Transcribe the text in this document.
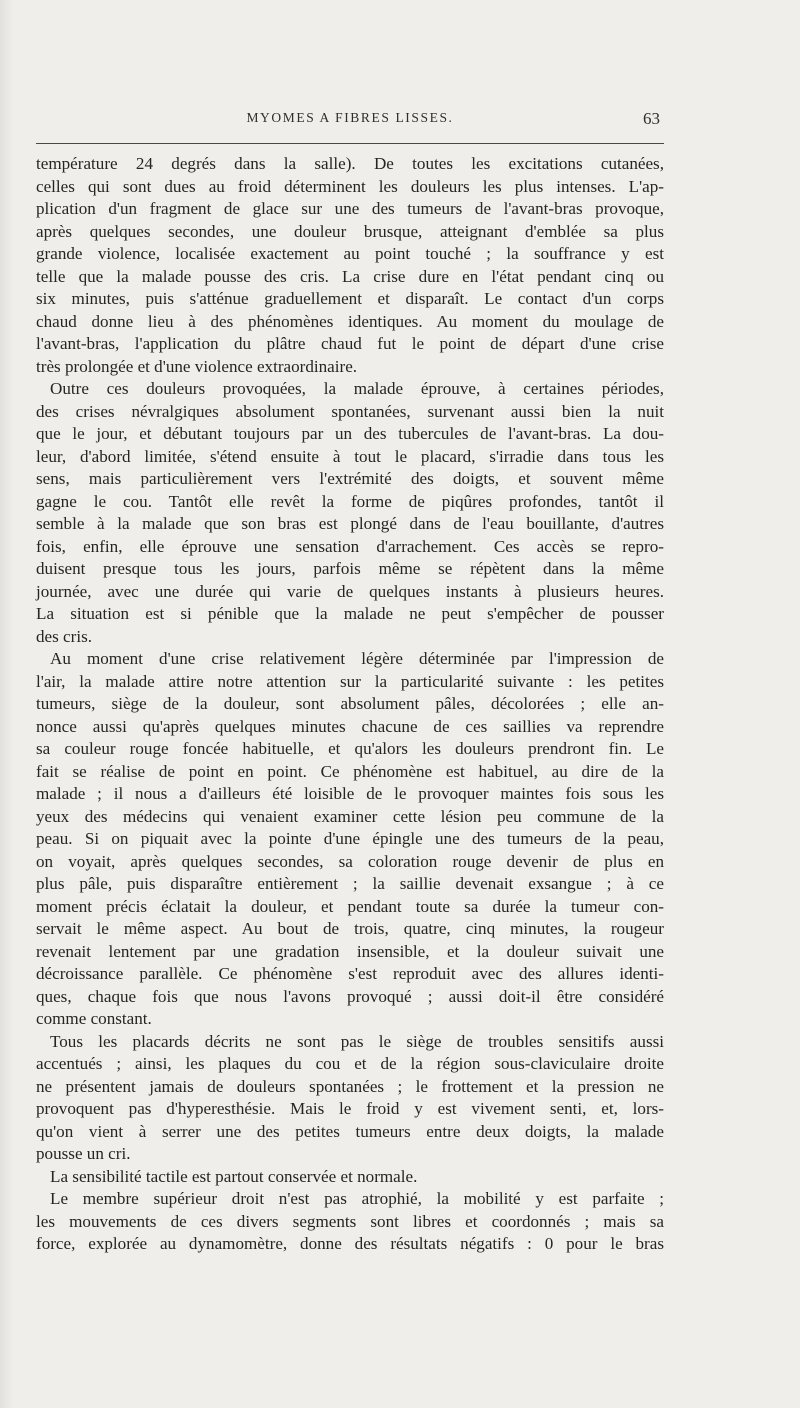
MYOMES A FIBRES LISSES.	63
température 24 degrés dans la salle). De toutes les excitations cutanées,
celles qui sont dues au froid déterminent les douleurs les plus intenses. L'ap-
plication d'un fragment de glace sur une des tumeurs de l'avant-bras provoque,
après quelques secondes, une douleur brusque, atteignant d'emblée sa plus
grande violence, localisée exactement au point touché ; la souffrance y est
telle que la malade pousse des cris. La crise dure en l'état pendant cinq ou
six minutes, puis s'atténue graduellement et disparaît. Le contact d'un corps
chaud donne lieu à des phénomènes identiques. Au moment du moulage de
l'avant-bras, l'application du plâtre chaud fut le point de départ d'une crise
très prolongée et d'une violence extraordinaire.
Outre ces douleurs provoquées, la malade éprouve, à certaines périodes,
des crises névralgiques absolument spontanées, survenant aussi bien la nuit
que le jour, et débutant toujours par un des tubercules de l'avant-bras. La dou-
leur, d'abord limitée, s'étend ensuite à tout le placard, s'irradie dans tous les
sens, mais particulièrement vers l'extrémité des doigts, et souvent même
gagne le cou. Tantôt elle revêt la forme de piqûres profondes, tantôt il
semble à la malade que son bras est plongé dans de l'eau bouillante, d'autres
fois, enfin, elle éprouve une sensation d'arrachement. Ces accès se repro-
duisent presque tous les jours, parfois même se répètent dans la même
journée, avec une durée qui varie de quelques instants à plusieurs heures.
La situation est si pénible que la malade ne peut s'empêcher de pousser
des cris.
Au moment d'une crise relativement légère déterminée par l'impression de
l'air, la malade attire notre attention sur la particularité suivante : les petites
tumeurs, siège de la douleur, sont absolument pâles, décolorées ; elle an-
nonce aussi qu'après quelques minutes chacune de ces saillies va reprendre
sa couleur rouge foncée habituelle, et qu'alors les douleurs prendront fin. Le
fait se réalise de point en point. Ce phénomène est habituel, au dire de la
malade ; il nous a d'ailleurs été loisible de le provoquer maintes fois sous les
yeux des médecins qui venaient examiner cette lésion peu commune de la
peau. Si on piquait avec la pointe d'une épingle une des tumeurs de la peau,
on voyait, après quelques secondes, sa coloration rouge devenir de plus en
plus pâle, puis disparaître entièrement ; la saillie devenait exsangue ; à ce
moment précis éclatait la douleur, et pendant toute sa durée la tumeur con-
servait le même aspect. Au bout de trois, quatre, cinq minutes, la rougeur
revenait lentement par une gradation insensible, et la douleur suivait une
décroissance parallèle. Ce phénomène s'est reproduit avec des allures identi-
ques, chaque fois que nous l'avons provoqué ; aussi doit-il être considéré
comme constant.
Tous les placards décrits ne sont pas le siège de troubles sensitifs aussi
accentués ; ainsi, les plaques du cou et de la région sous-claviculaire droite
ne présentent jamais de douleurs spontanées ; le frottement et la pression ne
provoquent pas d'hyperesthésie. Mais le froid y est vivement senti, et, lors-
qu'on vient à serrer une des petites tumeurs entre deux doigts, la malade
pousse un cri.
La sensibilité tactile est partout conservée et normale.
Le membre supérieur droit n'est pas atrophié, la mobilité y est parfaite ;
les mouvements de ces divers segments sont libres et coordonnés ; mais sa
force, explorée au dynamomètre, donne des résultats négatifs : 0 pour le bras
